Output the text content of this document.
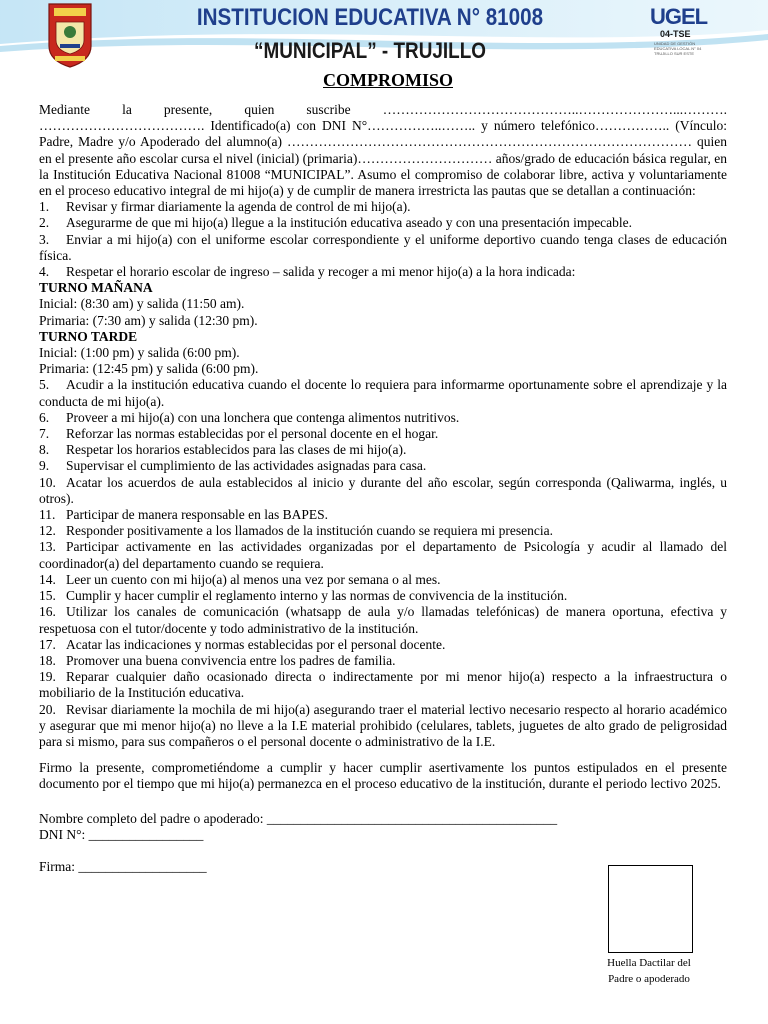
INSTITUCION EDUCATIVA N° 81008
“MUNICIPAL” - TRUJILLO
UGEL
04-TSE
UNIDAD DE GESTIÓN
EDUCATIVA LOCAL N° 04
TRUJILLO SUR ESTE
COMPROMISO

Mediante la presente, quien suscribe ……………………………………..…………………...………. ………………………………. Identificado(a) con DNI N°……………..…….. y número telefónico…………….. (Vínculo: Padre, Madre y/o Apoderado del alumno(a) ……………………………………………………………………………… quien en el presente año escolar cursa el nivel (inicial) (primaria)………………………… años/grado de educación básica regular, en la Institución Educativa Nacional 81008 “MUNICIPAL”. Asumo el compromiso de colaborar libre, activa y voluntariamente en el proceso educativo integral de mi hijo(a) y de cumplir de manera irrestricta las pautas que se detallan a continuación:

1. Revisar y firmar diariamente la agenda de control de mi hijo(a).
2. Asegurarme de que mi hijo(a) llegue a la institución educativa aseado y con una presentación impecable.
3. Enviar a mi hijo(a) con el uniforme escolar correspondiente y el uniforme deportivo cuando tenga clases de educación física.
4. Respetar el horario escolar de ingreso – salida y recoger a mi menor hijo(a) a la hora indicada:
TURNO MAÑANA
Inicial: (8:30 am) y salida (11:50 am).
Primaria: (7:30 am) y salida (12:30 pm).
TURNO TARDE
Inicial: (1:00 pm) y salida (6:00 pm).
Primaria: (12:45 pm) y salida (6:00 pm).
5. Acudir a la institución educativa cuando el docente lo requiera para informarme oportunamente sobre el aprendizaje y la conducta de mi hijo(a).
6. Proveer a mi hijo(a) con una lonchera que contenga alimentos nutritivos.
7. Reforzar las normas establecidas por el personal docente en el hogar.
8. Respetar los horarios establecidos para las clases de mi hijo(a).
9. Supervisar el cumplimiento de las actividades asignadas para casa.
10. Acatar los acuerdos de aula establecidos al inicio y durante del año escolar, según corresponda (Qaliwarma, inglés, u otros).
11. Participar de manera responsable en las BAPES.
12. Responder positivamente a los llamados de la institución cuando se requiera mi presencia.
13. Participar activamente en las actividades organizadas por el departamento de Psicología y acudir al llamado del coordinador(a) del departamento cuando se requiera.
14. Leer un cuento con mi hijo(a) al menos una vez por semana o al mes.
15. Cumplir y hacer cumplir el reglamento interno y las normas de convivencia de la institución.
16. Utilizar los canales de comunicación (whatsapp de aula y/o llamadas telefónicas) de manera oportuna, efectiva y respetuosa con el tutor/docente y todo administrativo de la institución.
17. Acatar las indicaciones y normas establecidas por el personal docente.
18. Promover una buena convivencia entre los padres de familia.
19. Reparar cualquier daño ocasionado directa o indirectamente por mi menor hijo(a) respecto a la infraestructura o mobiliario de la Institución educativa.
20. Revisar diariamente la mochila de mi hijo(a) asegurando traer el material lectivo necesario respecto al horario académico y asegurar que mi menor hijo(a) no lleve a la I.E material prohibido (celulares, tablets, juguetes de alto grado de peligrosidad para si mismo, para sus compañeros o el personal docente o administrativo de la I.E.

Firmo la presente, comprometiéndome a cumplir y hacer cumplir asertivamente los puntos estipulados en el presente documento por el tiempo que mi hijo(a) permanezca en el proceso educativo de la institución, durante el periodo lectivo 2025.

Nombre completo del padre o apoderado: ___________________________________________
DNI N°: _________________
Firma: ___________________
Huella Dactilar del
Padre o apoderado
